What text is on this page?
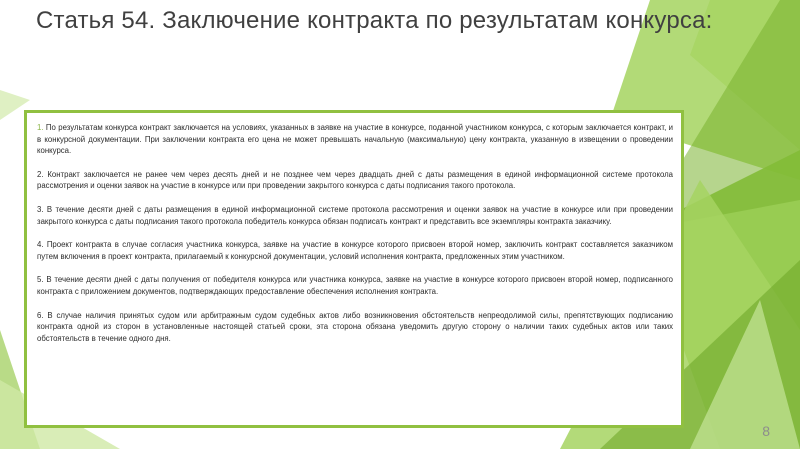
Статья 54. Заключение контракта по результатам конкурса:

1. По результатам конкурса контракт заключается на условиях, указанных в заявке на участие в конкурсе, поданной участником конкурса, с которым заключается контракт, и в конкурсной документации. При заключении контракта его цена не может превышать начальную (максимальную) цену контракта, указанную в извещении о проведении конкурса.

2. Контракт заключается не ранее чем через десять дней и не позднее чем через двадцать дней с даты размещения в единой информационной системе протокола рассмотрения и оценки заявок на участие в конкурсе или при проведении закрытого конкурса с даты подписания такого протокола.

3. В течение десяти дней с даты размещения в единой информационной системе протокола рассмотрения и оценки заявок на участие в конкурсе или при проведении закрытого конкурса с даты подписания такого протокола победитель конкурса обязан подписать контракт и представить все экземпляры контракта заказчику.

4. Проект контракта в случае согласия участника конкурса, заявке на участие в конкурсе которого присвоен второй номер, заключить контракт составляется заказчиком путем включения в проект контракта, прилагаемый к конкурсной документации, условий исполнения контракта, предложенных этим участником.

5. В течение десяти дней с даты получения от победителя конкурса или участника конкурса, заявке на участие в конкурсе которого присвоен второй номер, подписанного контракта с приложением документов, подтверждающих предоставление обеспечения исполнения контракта.

6. В случае наличия принятых судом или арбитражным судом судебных актов либо возникновения обстоятельств непреодолимой силы, препятствующих подписанию контракта одной из сторон в установленные настоящей статьей сроки, эта сторона обязана уведомить другую сторону о наличии таких судебных актов или таких обстоятельств в течение одного дня.

8
